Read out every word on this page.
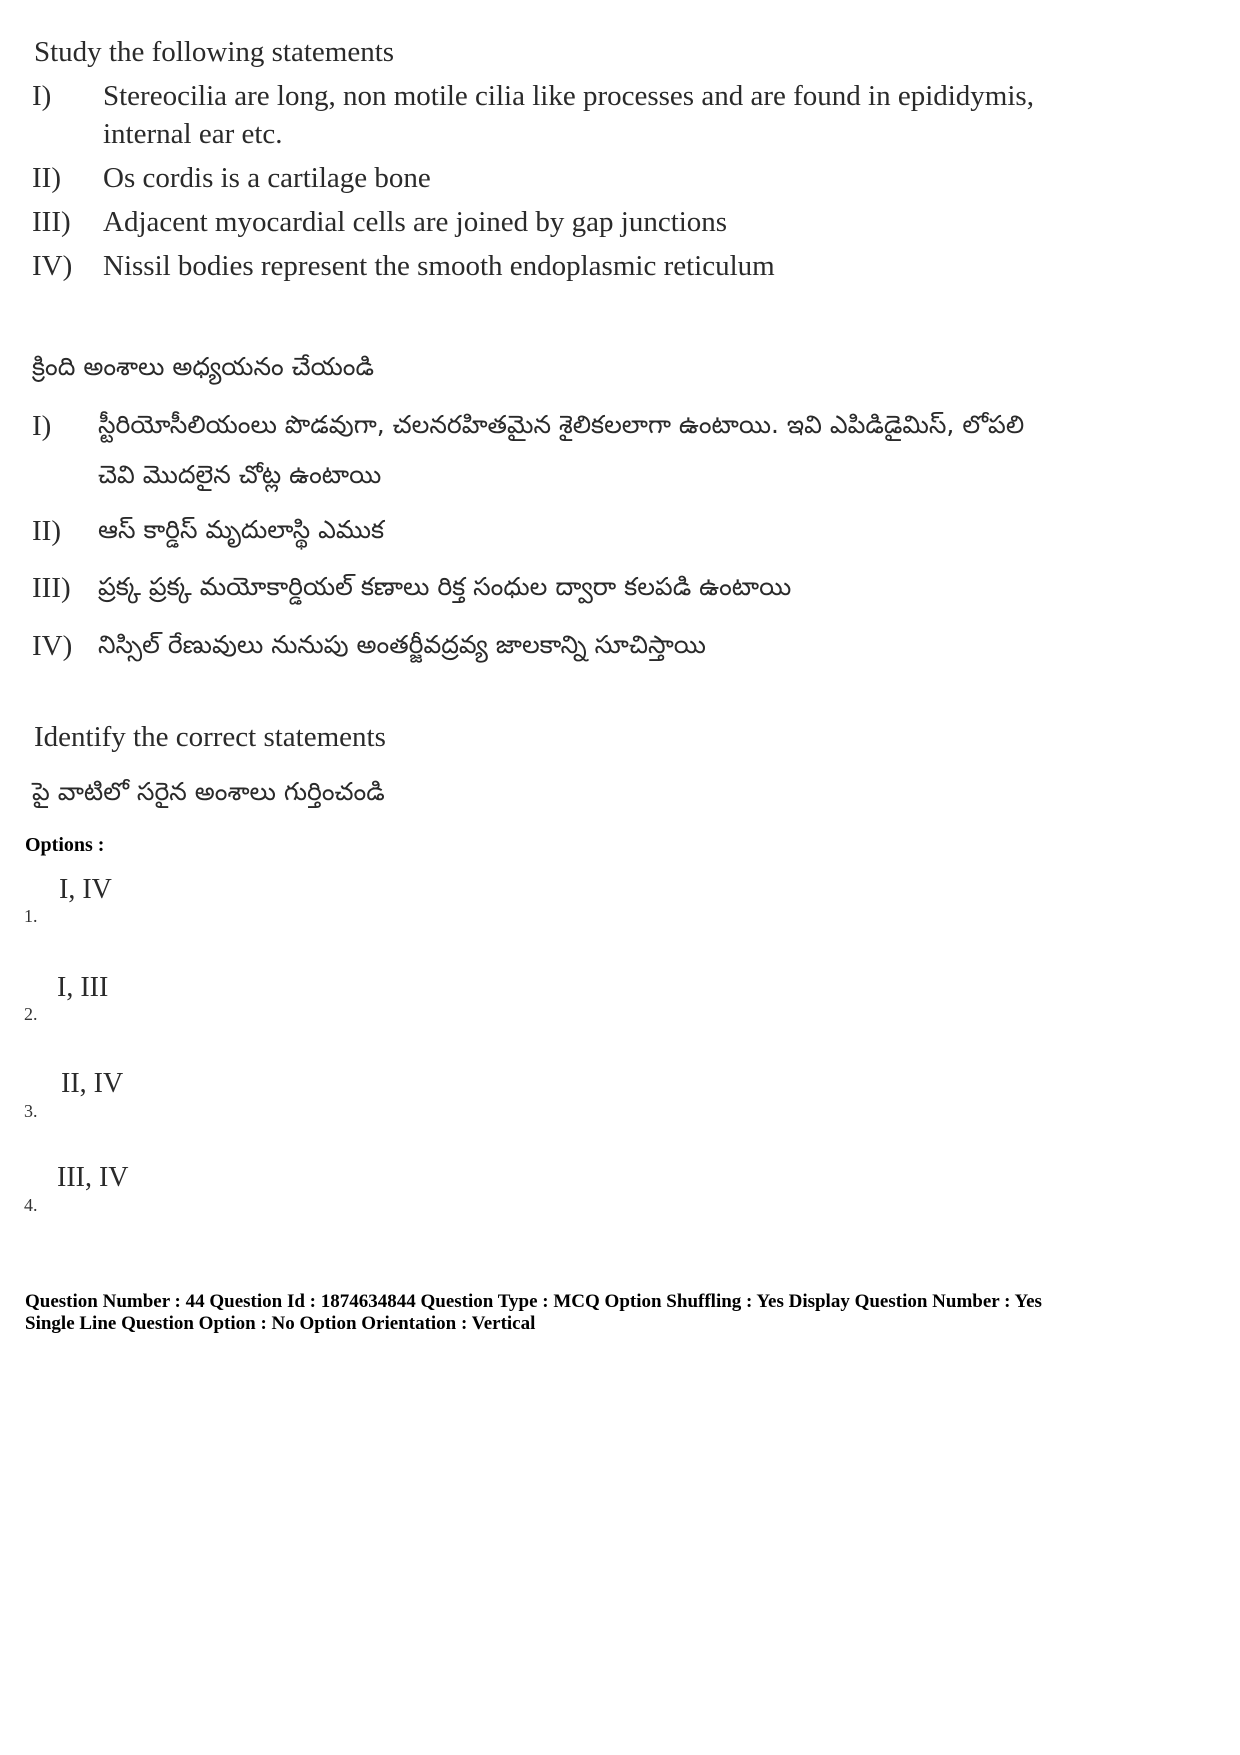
Study the following statements
I) Stereocilia are long, non motile cilia like processes and are found in epididymis,
internal ear etc.
II) Os cordis is a cartilage bone
III) Adjacent myocardial cells are joined by gap junctions
IV) Nissil bodies represent the smooth endoplasmic reticulum
క్రింది అంశాలు అధ్యయనం చేయండి
I) స్టీరియోసీలియంలు పొడవుగా, చలనరహితమైన శైలికలలాగా ఉంటాయి. ఇవి ఎపిడిడైమిస్, లోపలి
చెవి మొదలైన చోట్ల ఉంటాయి
II) ఆస్ కార్డిస్ మృదులాస్థి ఎముక
III) ప్రక్క ప్రక్క మయోకార్డియల్ కణాలు రిక్త సంధుల ద్వారా కలపడి ఉంటాయి
IV) నిస్సిల్ రేణువులు నునుపు అంతర్జీవద్రవ్య జాలకాన్ని సూచిస్తాయి
Identify the correct statements
పై వాటిలో సరైన అంశాలు గుర్తించండి
Options :
1.
I, IV
2.
I, III
3.
II, IV
4.
III, IV
Question Number : 44 Question Id : 1874634844 Question Type : MCQ Option Shuffling : Yes Display Question Number : Yes
Single Line Question Option : No Option Orientation : Vertical
